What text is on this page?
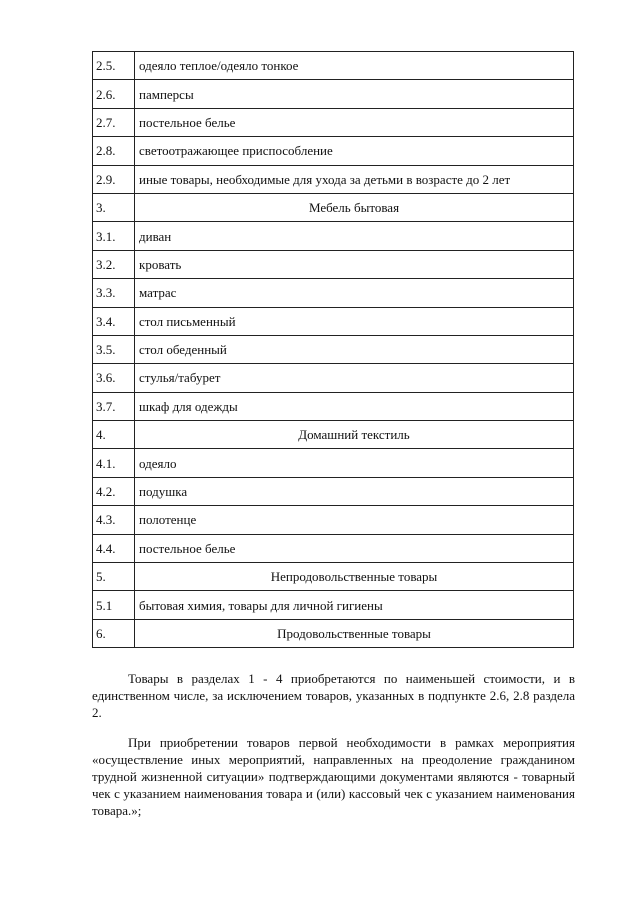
2.5.	одеяло теплое/одеяло тонкое
2.6.	памперсы
2.7.	постельное белье
2.8.	светоотражающее приспособление
2.9.	иные товары, необходимые для ухода за детьми в возрасте до 2 лет
3.	Мебель бытовая
3.1.	диван
3.2.	кровать
3.3.	матрас
3.4.	стол письменный
3.5.	стол обеденный
3.6.	стулья/табурет
3.7.	шкаф для одежды
4.	Домашний текстиль
4.1.	одеяло
4.2.	подушка
4.3.	полотенце
4.4.	постельное белье
5.	Непродовольственные товары
5.1	бытовая химия, товары для личной гигиены
6.	Продовольственные товары

Товары в разделах 1 - 4 приобретаются по наименьшей стоимости, и в единственном числе, за исключением товаров, указанных в подпункте 2.6, 2.8 раздела 2.

При приобретении товаров первой необходимости в рамках мероприятия «осуществление иных мероприятий, направленных на преодоление гражданином трудной жизненной ситуации» подтверждающими документами являются - товарный чек с указанием наименования товара и (или) кассовый чек с указанием наименования товара.»;
